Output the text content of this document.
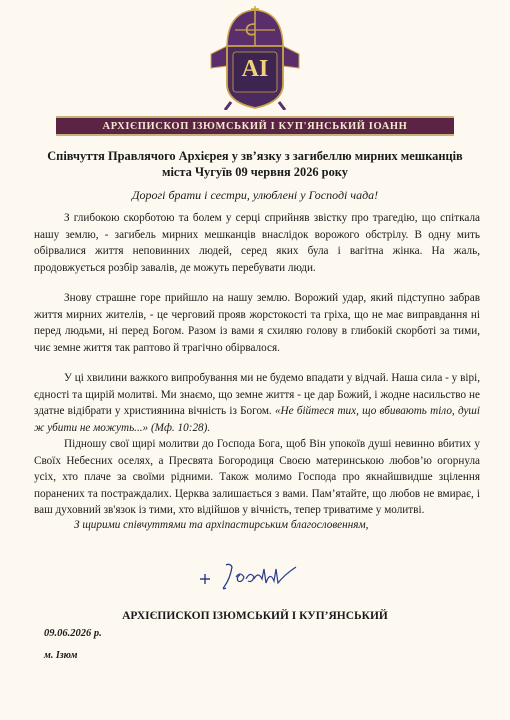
AI
АРХІЄПИСКОП ІЗЮМСЬКИЙ І КУП'ЯНСЬКИЙ ІОАНН
Співчуття Правлячого Архієрея у зв’язку з загибеллю мирних мешканців
міста Чугуїв 09 червня 2026 року
Дорогі брати і сестри, улюблені у Господі чада!
З глибокою скорботою та болем у серці сприйняв звістку про трагедію, що спіткала нашу землю, - загибель мирних мешканців внаслідок ворожого обстрілу. В одну мить обірвалися життя неповинних людей, серед яких була і вагітна жінка. На жаль, продовжується розбір завалів, де можуть перебувати люди.
Знову страшне горе прийшло на нашу землю. Ворожий удар, який підступно забрав життя мирних жителів, - це черговий прояв жорстокості та гріха, що не має виправдання ні перед людьми, ні перед Богом. Разом із вами я схиляю голову в глибокій скорботі за тими, чиє земне життя так раптово й трагічно обірвалося.
У ці хвилини важкого випробування ми не будемо впадати у відчай. Наша сила - у вірі, єдності та щирій молитві. Ми знаємо, що земне життя - це дар Божий, і жодне насильство не здатне відібрати у християнина вічність із Богом. «Не бійтеся тих, що вбивають тіло, душі ж убити не можуть...» (Мф. 10:28).
Підношу свої щирі молитви до Господа Бога, щоб Він упокоїв душі невинно вбитих у Своїх Небесних оселях, а Пресвята Богородиця Своєю материнською любов’ю огорнула усіх, хто плаче за своїми рідними. Також молимо Господа про якнайшвидше зцілення поранених та постраждалих. Церква залишається з вами. Пам’ятайте, що любов не вмирає, і ваш духовний зв'язок із тими, хто відійшов у вічність, тепер триватиме у молитві.
З щирими співчуттями та архіпастирським благословенням,
АРХІЄПИСКОП ІЗЮМСЬКИЙ І КУП’ЯНСЬКИЙ
09.06.2026 р.
м. Ізюм
